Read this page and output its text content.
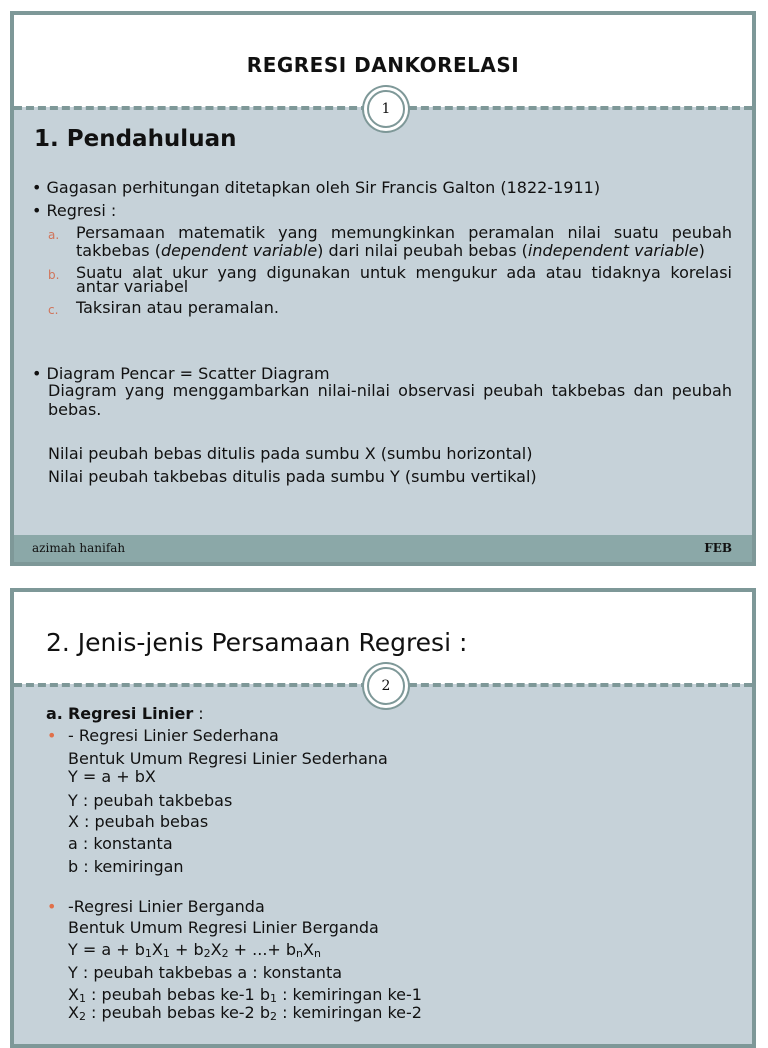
REGRESI DANKORELASI
1
1. Pendahuluan
• Gagasan perhitungan ditetapkan oleh Sir Francis Galton (1822-1911)
• Regresi :
a. Persamaan matematik yang memungkinkan peramalan nilai suatu peubah
takbebas (dependent variable) dari nilai peubah bebas (independent variable)
b. Suatu alat ukur yang digunakan untuk mengukur ada atau tidaknya korelasi
antar variabel
c. Taksiran atau peramalan.
• Diagram Pencar = Scatter Diagram
Diagram yang menggambarkan nilai-nilai observasi peubah takbebas dan peubah
bebas.
Nilai peubah bebas ditulis pada sumbu X (sumbu horizontal)
Nilai peubah takbebas ditulis pada sumbu Y (sumbu vertikal)
azimah hanifah	FEB
2. Jenis-jenis Persamaan Regresi :
2
a. Regresi Linier :
• - Regresi Linier Sederhana
Bentuk Umum Regresi Linier Sederhana
Y = a + bX
Y : peubah takbebas
X : peubah bebas
a : konstanta
b : kemiringan
• -Regresi Linier Berganda
Bentuk Umum Regresi Linier Berganda
$Y = a + b_1X_1 + b_2X_2$ + ...+ $b_nX_n$
Y : peubah takbebas a : konstanta
$X_1$ : peubah bebas ke-1 $b_1$ : kemiringan ke-1
$X_2$ : peubah bebas ke-2 $b_2$ : kemiringan ke-2
